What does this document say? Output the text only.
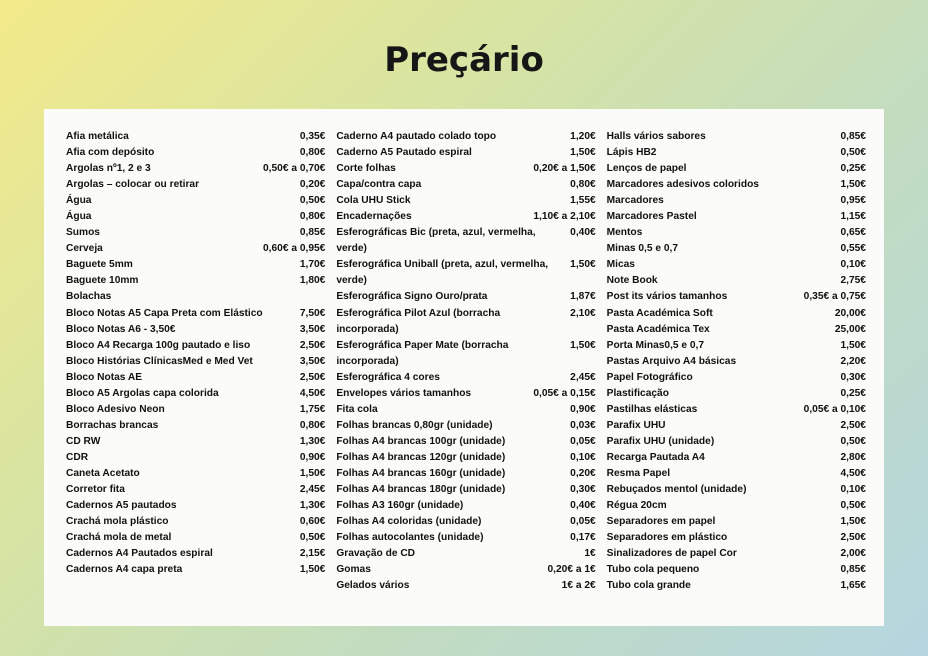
Preçário
Afia metálica	0,35€
Afia com depósito	0,80€
Argolas nº1, 2 e 3	0,50€ a 0,70€
Argolas – colocar ou retirar	0,20€
Água	0,50€
Água	0,80€
Sumos	0,85€
Cerveja	0,60€ a 0,95€
Baguete 5mm	1,70€
Baguete 10mm	1,80€
Bolachas
Bloco Notas A5 Capa Preta com Elástico	7,50€
Bloco Notas A6 - 3,50€	3,50€
Bloco A4 Recarga 100g pautado e liso	2,50€
Bloco Histórias ClínicasMed e Med Vet	3,50€
Bloco Notas AE	2,50€
Bloco A5 Argolas capa colorida	4,50€
Bloco Adesivo Neon	1,75€
Borrachas brancas	0,80€
CD RW	1,30€
CDR	0,90€
Caneta Acetato	1,50€
Corretor fita	2,45€
Cadernos A5 pautados	1,30€
Crachá mola plástico	0,60€
Crachá mola de metal	0,50€
Cadernos A4 Pautados espiral	2,15€
Cadernos A4 capa preta	1,50€
Caderno A4 pautado colado topo	1,20€
Caderno A5 Pautado espiral	1,50€
Corte folhas	0,20€ a 1,50€
Capa/contra capa	0,80€
Cola UHU Stick	1,55€
Encadernações	1,10€ a 2,10€
Esferográficas Bic (preta, azul, vermelha, verde)
0,40€
Esferográfica Uniball (preta, azul, vermelha, verde)
1,50€
Esferográfica Signo Ouro/prata	1,87€
Esferográfica Pilot Azul (borracha incorporada)
2,10€
Esferográfica Paper Mate (borracha incorporada)
1,50€
Esferográfica 4 cores	2,45€
Envelopes vários tamanhos	0,05€ a 0,15€
Fita cola	0,90€
Folhas brancas 0,80gr (unidade)	0,03€
Folhas A4 brancas 100gr (unidade)	0,05€
Folhas A4 brancas 120gr (unidade)	0,10€
Folhas A4 brancas 160gr (unidade)	0,20€
Folhas A4 brancas 180gr (unidade)	0,30€
Folhas A3 160gr (unidade)	0,40€
Folhas A4 coloridas (unidade)	0,05€
Folhas autocolantes (unidade)	0,17€
Gravação de CD	1€
Gomas	0,20€ a 1€
Gelados vários	1€ a 2€
Halls vários sabores	0,85€
Lápis HB2	0,50€
Lenços de papel	0,25€
Marcadores adesivos coloridos	1,50€
Marcadores	0,95€
Marcadores Pastel	1,15€
Mentos	0,65€
Minas 0,5 e 0,7	0,55€
Micas	0,10€
Note Book	2,75€
Post its vários tamanhos	0,35€ a 0,75€
Pasta Académica Soft	20,00€
Pasta Académica Tex	25,00€
Porta Minas0,5 e 0,7	1,50€
Pastas Arquivo A4 básicas	2,20€
Papel Fotográfico	0,30€
Plastificação	0,25€
Pastilhas elásticas	0,05€ a 0,10€
Parafix UHU	2,50€
Parafix UHU (unidade)	0,50€
Recarga Pautada A4	2,80€
Resma Papel	4,50€
Rebuçados mentol (unidade)	0,10€
Régua 20cm	0,50€
Separadores em papel	1,50€
Separadores em plástico	2,50€
Sinalizadores de papel Cor	2,00€
Tubo cola pequeno	0,85€
Tubo cola grande	1,65€
